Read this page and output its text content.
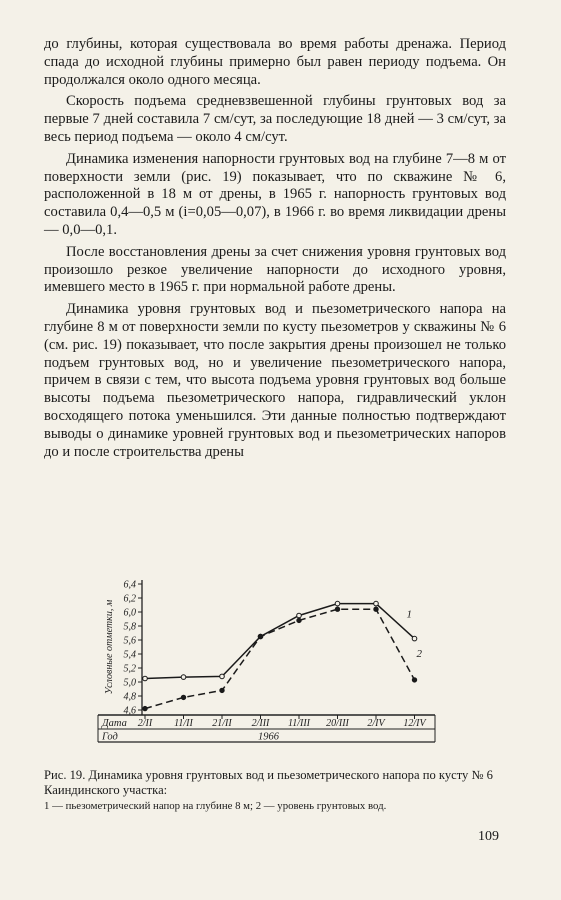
до глубины, которая существовала во время работы дренажа. Период спада до исходной глубины примерно был равен периоду подъема. Он продолжался около одного месяца.

Скорость подъема средневзвешенной глубины грунтовых вод за первые 7 дней составила 7 см/сут, за последующие 18 дней — 3 см/сут, за весь период подъема — около 4 см/сут.

Динамика изменения напорности грунтовых вод на глубине 7—8 м от поверхности земли (рис. 19) показывает, что по скважине № 6, расположенной в 18 м от дрены, в 1965 г. напорность грунтовых вод составила 0,4—0,5 м (i=0,05—0,07), в 1966 г. во время ликвидации дрены — 0,0—0,1.

После восстановления дрены за счет снижения уровня грунтовых вод произошло резкое увеличение напорности до исходного уровня, имевшего место в 1965 г. при нормальной работе дрены.

Динамика уровня грунтовых вод и пьезометрического напора на глубине 8 м от поверхности земли по кусту пьезометров у скважины № 6 (см. рис. 19) показывает, что после закрытия дрены произошел не только подъем грунтовых вод, но и увеличение пьезометрического напора, причем в связи с тем, что высота подъема уровня грунтовых вод больше высоты подъема пьезометрического напора, гидравлический уклон восходящего потока уменьшился. Эти данные полностью подтверждают выводы о динамике уровней грунтовых вод и пьезометрических напоров до и после строительства дрены

4,6
4,8
5,0
5,2
5,4
5,6
5,8
6,0
6,2
6,4
Условные отметки, м
Дата
Год	1966
2/II 11/II 21/II 2/III 11/III 20/III 2/IV 12/IV
1
2
Рис. 19. Динамика уровня грунтовых вод и пьезометрического напора по кусту № 6 Каиндинского участка:
1 — пьезометрический напор на глубине 8 м; 2 — уровень грунтовых вод.
109
